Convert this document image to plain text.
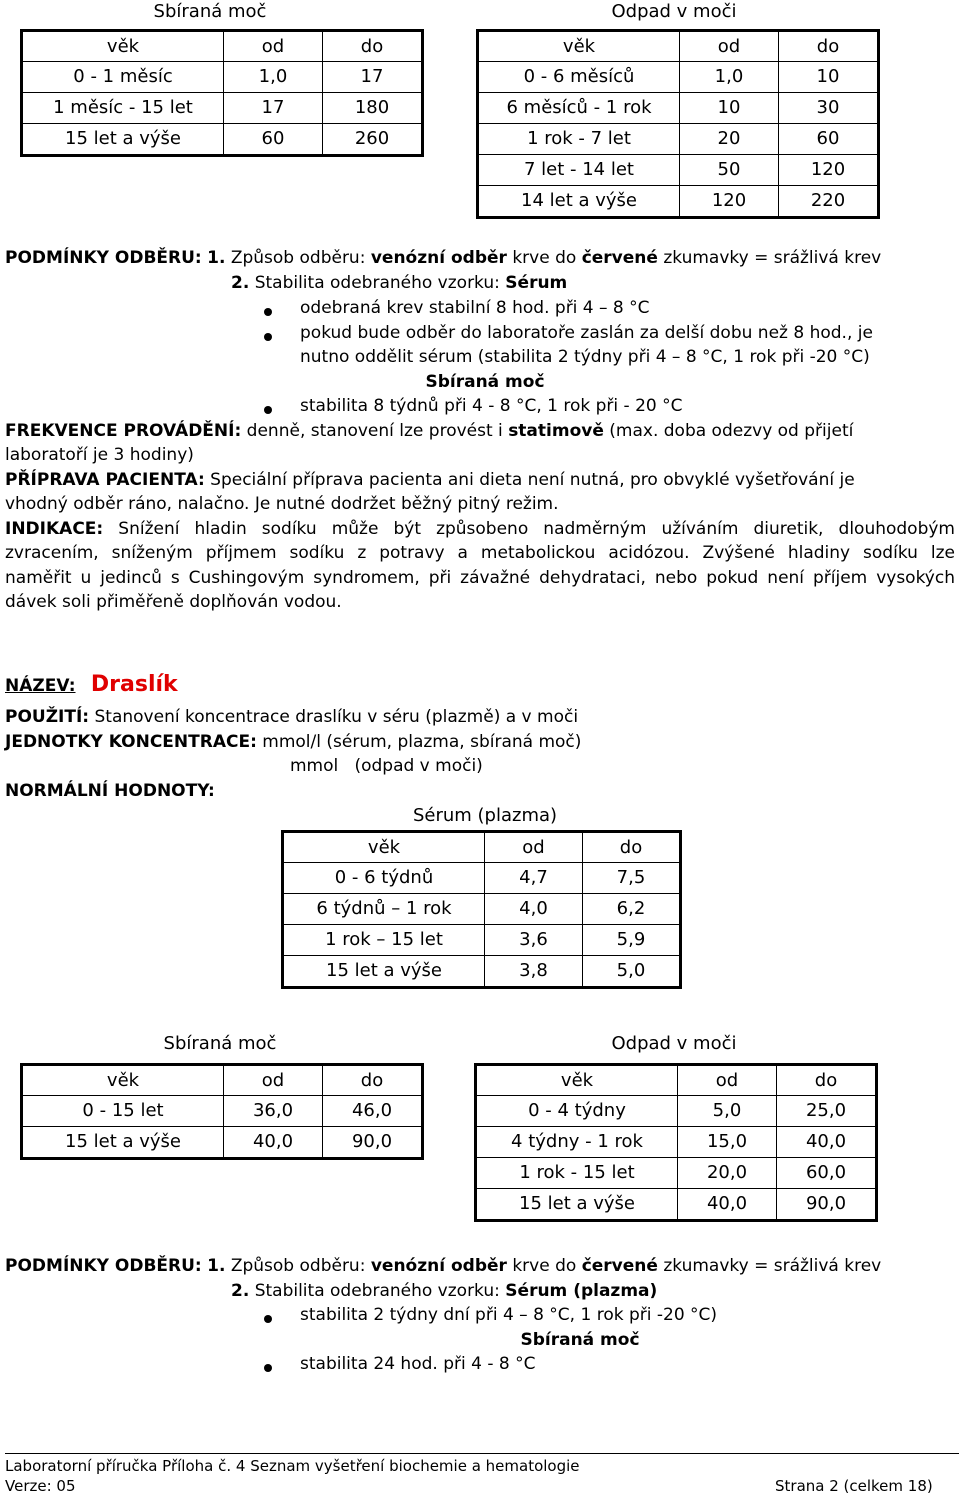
Sbíraná moč	Odpad v moči
věk	od	do
0 - 1 měsíc	1,0	17
1 měsíc - 15 let	17	180
15 let a výše	60	260
věk	od	do
0 - 6 měsíců	1,0	10
6 měsíců - 1 rok	10	30
1 rok - 7 let	20	60
7 let - 14 let	50	120
14 let a výše	120	220
PODMÍNKY ODBĚRU: 1. Způsob odběru: venózní odběr krve do červené zkumavky = srážlivá krev
2. Stabilita odebraného vzorku: Sérum
odebraná krev stabilní 8 hod. při 4 – 8 °C
pokud bude odběr do laboratoře zaslán za delší dobu než 8 hod., je
nutno oddělit sérum (stabilita 2 týdny při 4 – 8 °C, 1 rok při -20 °C)
Sbíraná moč
stabilita 8 týdnů při 4 - 8 °C, 1 rok při - 20 °C
FREKVENCE PROVÁDĚNÍ: denně, stanovení lze provést i statimově (max. doba odezvy od přijetí
laboratoří je 3 hodiny)
PŘÍPRAVA PACIENTA: Speciální příprava pacienta ani dieta není nutná, pro obvyklé vyšetřování je
vhodný odběr ráno, nalačno. Je nutné dodržet běžný pitný režim.
INDIKACE: Snížení hladin sodíku může být způsobeno nadměrným užíváním diuretik, dlouhodobým
zvracením, sníženým příjmem sodíku z potravy a metabolickou acidózou. Zvýšené hladiny sodíku lze
naměřit u jedinců s Cushingovým syndromem, při závažné dehydrataci, nebo pokud není příjem vysokých
dávek soli přiměřeně doplňován vodou.
NÁZEV: Draslík
POUŽITÍ: Stanovení koncentrace draslíku v séru (plazmě) a v moči
JEDNOTKY KONCENTRACE: mmol/l (sérum, plazma, sbíraná moč)
mmol   (odpad v moči)
NORMÁLNÍ HODNOTY:
Sérum (plazma)
věk	od	do
0 - 6 týdnů	4,7	7,5
6 týdnů – 1 rok	4,0	6,2
1 rok – 15 let	3,6	5,9
15 let a výše	3,8	5,0
Sbíraná moč
věk	od	do
0 - 15 let	36,0	46,0
15 let a výše	40,0	90,0
Odpad v moči
věk	od	do
0 - 4 týdny	5,0	25,0
4 týdny - 1 rok	15,0	40,0
1 rok - 15 let	20,0	60,0
15 let a výše	40,0	90,0
PODMÍNKY ODBĚRU: 1. Způsob odběru: venózní odběr krve do červené zkumavky = srážlivá krev
2. Stabilita odebraného vzorku: Sérum (plazma)
stabilita 2 týdny dní při 4 – 8 °C, 1 rok při -20 °C)
Sbíraná moč
stabilita 24 hod. při 4 - 8 °C
Laboratorní příručka Příloha č. 4 Seznam vyšetření biochemie a hematologie
Verze: 05	Strana 2 (celkem 18)
